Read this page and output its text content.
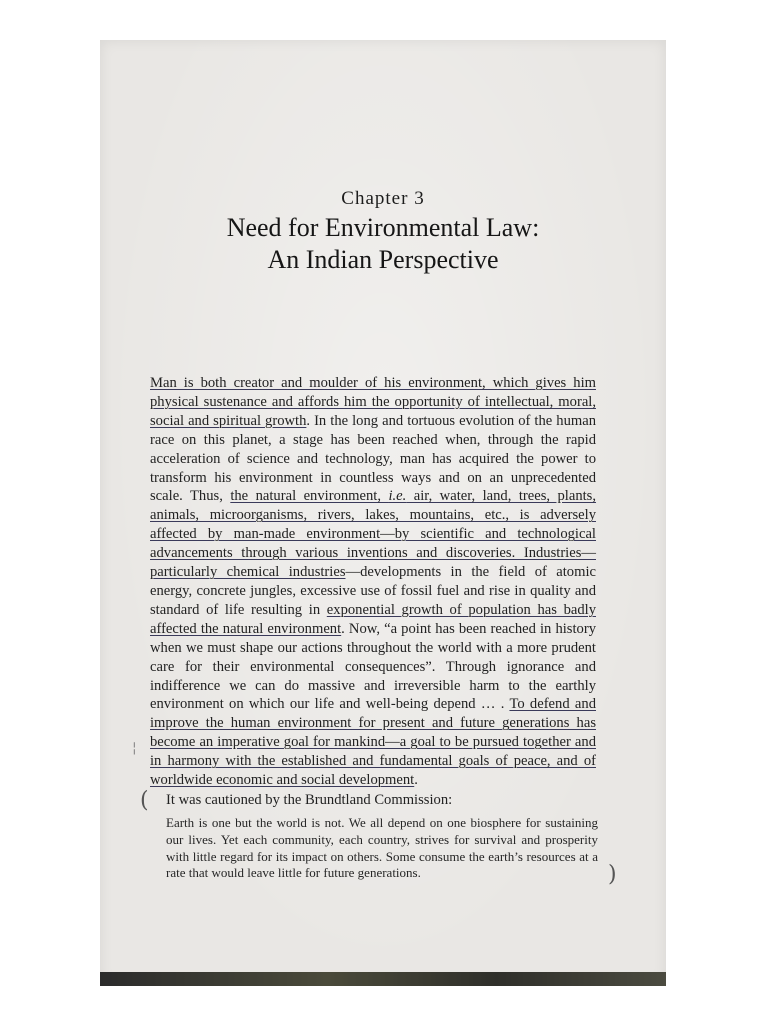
Chapter 3
Need for Environmental Law:
An Indian Perspective

Man is both creator and moulder of his environment, which gives him physical sustenance and affords him the opportunity of intellectual, moral, social and spiritual growth. In the long and tortuous evolution of the human race on this planet, a stage has been reached when, through the rapid acceleration of science and technology, man has acquired the power to transform his environment in countless ways and on an unprecedented scale. Thus, the natural environment, i.e. air, water, land, trees, plants, animals, microorganisms, rivers, lakes, mountains, etc., is adversely affected by man-made environment—by scientific and technological advancements through various inventions and discoveries. Industries—particularly chemical industries—developments in the field of atomic energy, concrete jungles, excessive use of fossil fuel and rise in quality and standard of life resulting in exponential growth of population has badly affected the natural environment. Now, “a point has been reached in history when we must shape our actions throughout the world with a more prudent care for their environmental consequences”. Through ignorance and indifference we can do massive and irreversible harm to the earthly environment on which our life and well-being depend … . To defend and improve the human environment for present and future generations has become an imperative goal for mankind—a goal to be pursued together and in harmony with the established and fundamental goals of peace, and of worldwide economic and social development.

It was cautioned by the Brundtland Commission:
Earth is one but the world is not. We all depend on one biosphere for sustaining our lives. Yet each community, each country, strives for survival and prosperity with little regard for its impact on others. Some consume the earth’s resources at a rate that would leave little for future generations.
(
¦
)
